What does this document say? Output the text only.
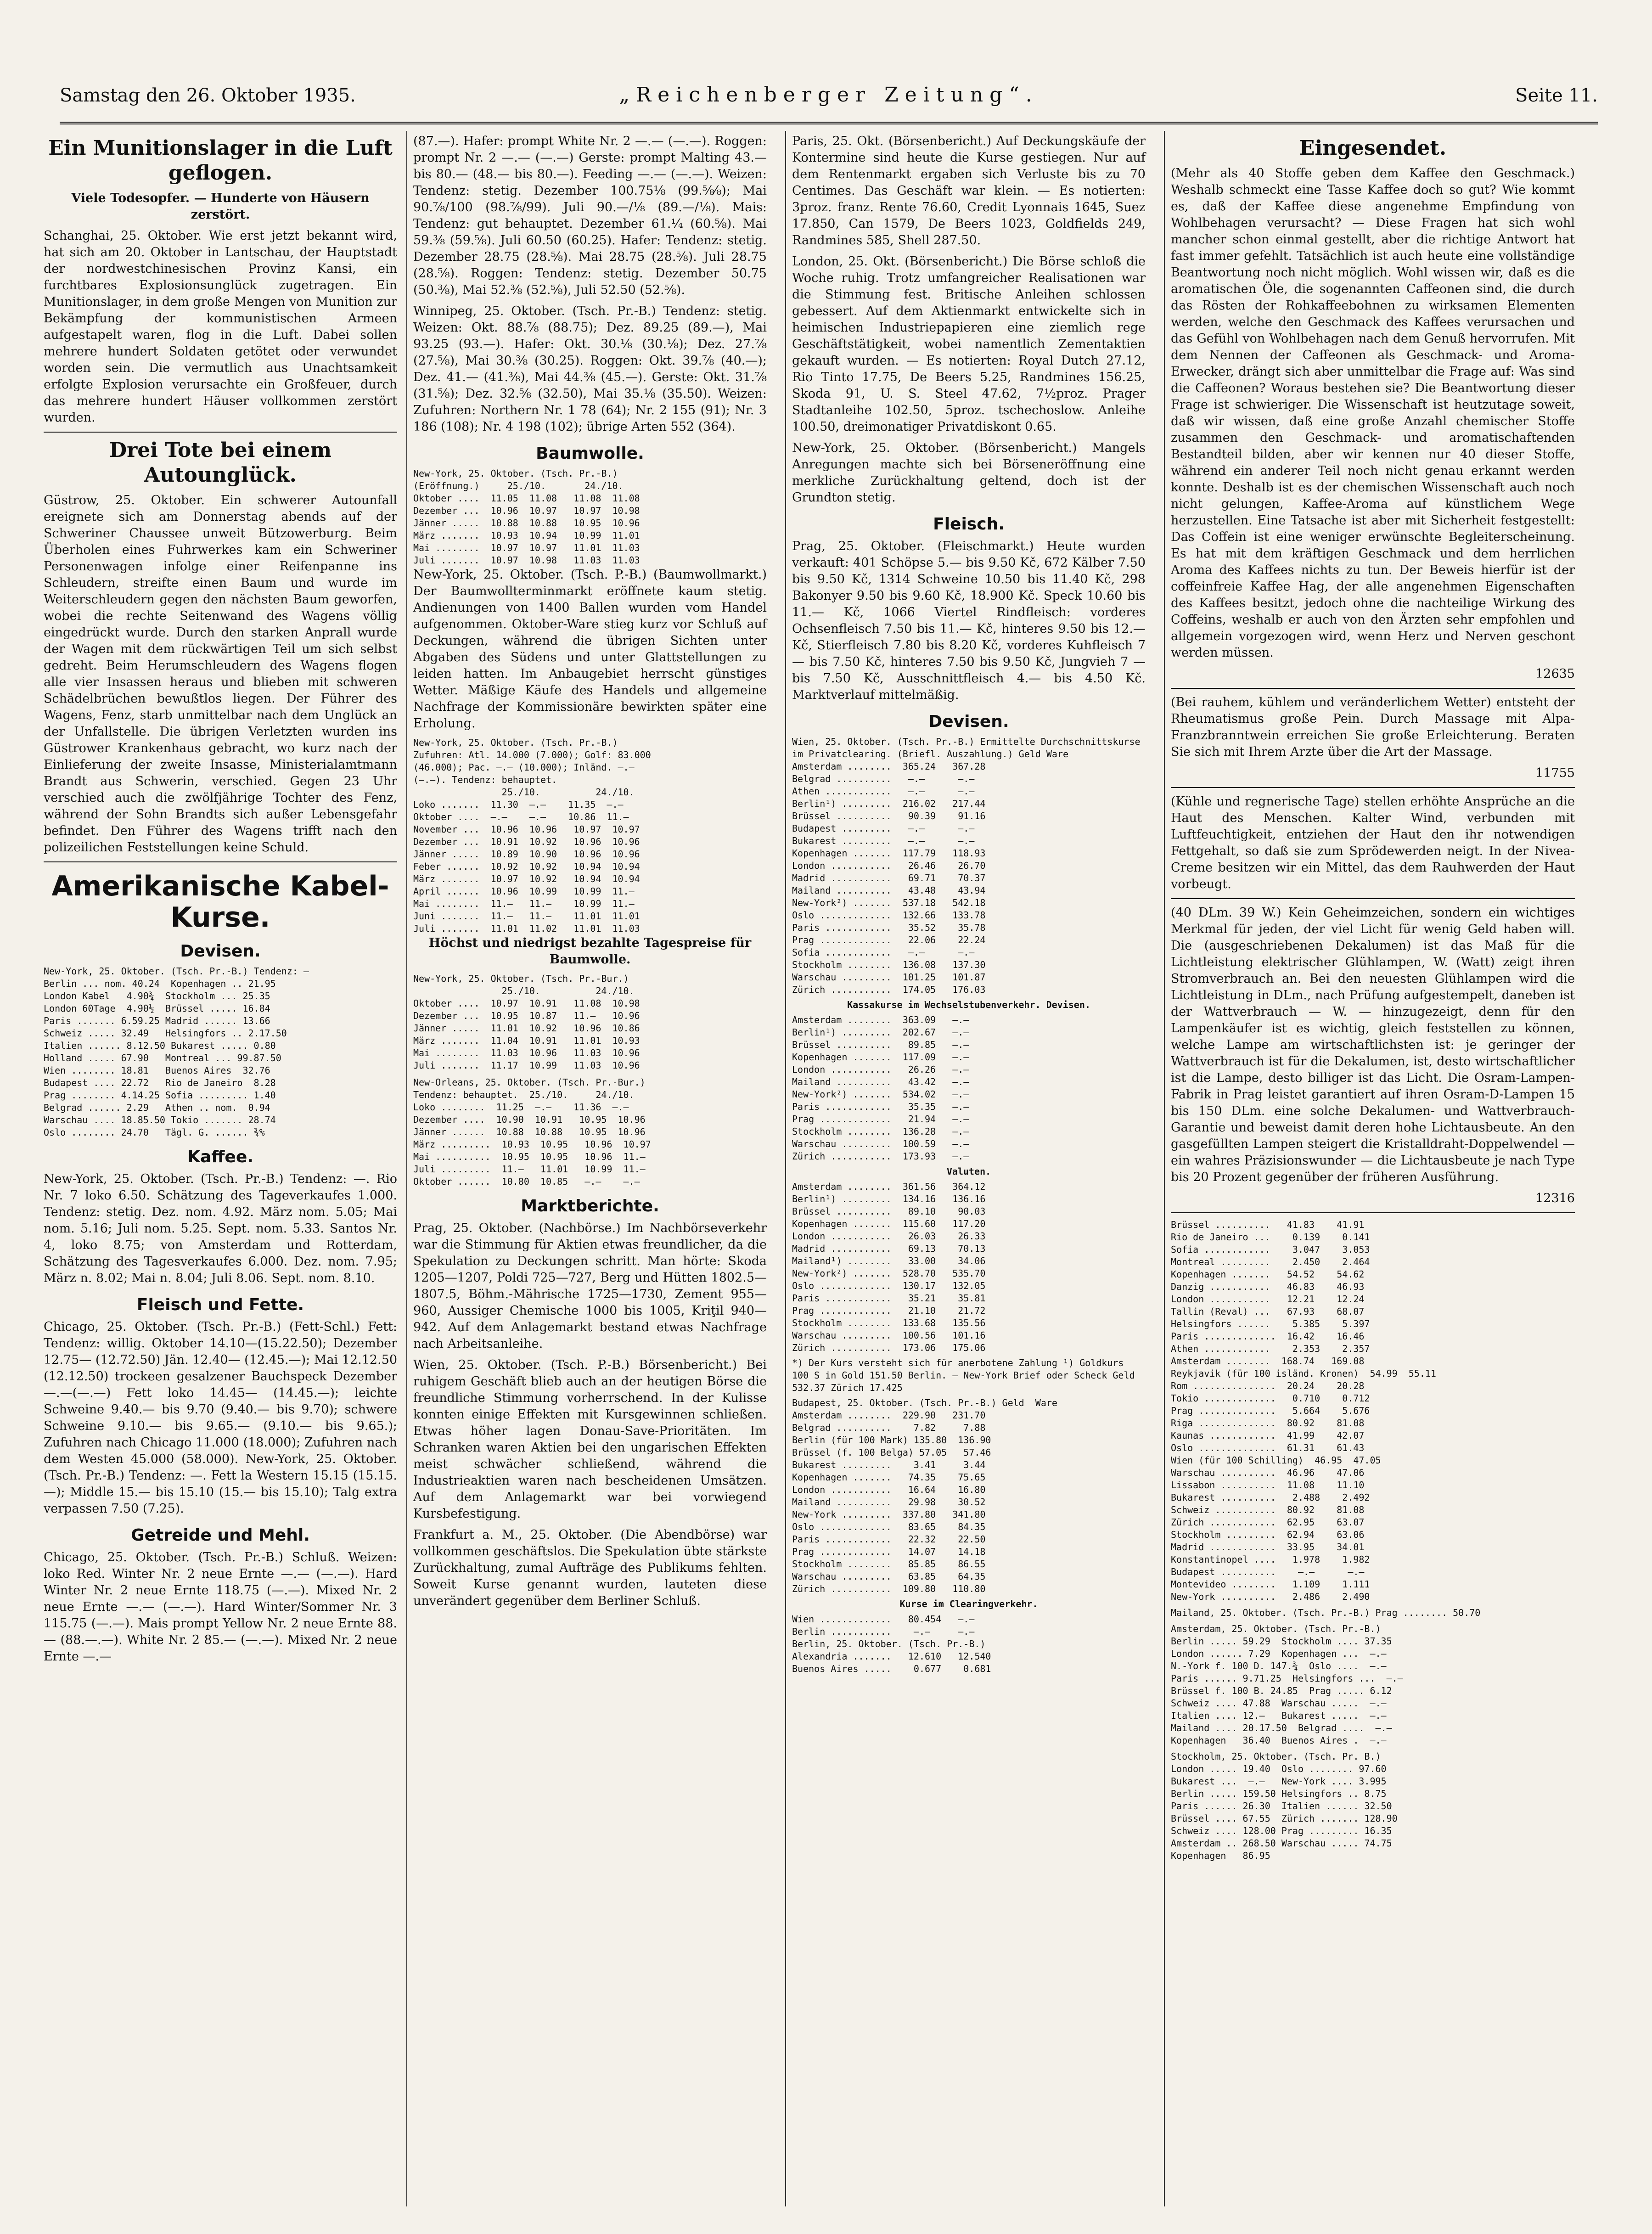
Samstag den 26. Oktober 1935.	„Reichenberger Zeitung“.	Seite 11.
Ein Munitionslager in die Luft geflogen.
Viele Todesopfer. — Hunderte von Häusern zerstört.

Schanghai, 25. Oktober. Wie erst jetzt bekannt wird, hat sich am 20. Oktober in Lantschau, der Hauptstadt der nordwestchinesischen Provinz Kansi, ein furchtbares Explosionsunglück zugetragen. Ein Munitionslager, in dem große Mengen von Munition zur Bekämpfung der kommunistischen Armeen aufgestapelt waren, flog in die Luft. Dabei sollen mehrere hundert Soldaten getötet oder verwundet worden sein. Die vermutlich aus Unachtsamkeit erfolgte Explosion verursachte ein Großfeuer, durch das mehrere hundert Häuser vollkommen zerstört wurden.

Drei Tote bei einem Autounglück.

Güstrow, 25. Oktober. Ein schwerer Autounfall ereignete sich am Donnerstag abends auf der Schweriner Chaussee unweit Bützowerburg. Beim Überholen eines Fuhrwerkes kam ein Schweriner Personenwagen infolge einer Reifenpanne ins Schleudern, streifte einen Baum und wurde im Weiterschleudern gegen den nächsten Baum geworfen, wobei die rechte Seitenwand des Wagens völlig eingedrückt wurde. Durch den starken Anprall wurde der Wagen mit dem rückwärtigen Teil um sich selbst gedreht. Beim Herumschleudern des Wagens flogen alle vier Insassen heraus und blieben mit schweren Schädelbrüchen bewußtlos liegen. Der Führer des Wagens, Fenz, starb unmittelbar nach dem Unglück an der Unfallstelle. Die übrigen Verletzten wurden ins Güstrower Krankenhaus gebracht, wo kurz nach der Einlieferung der zweite Insasse, Ministerialamtmann Brandt aus Schwerin, verschied. Gegen 23 Uhr verschied auch die zwölfjährige Tochter des Fenz, während der Sohn Brandts sich außer Lebensgefahr befindet. Den Führer des Wagens trifft nach den polizeilichen Feststellungen keine Schuld.

Amerikanische Kabel-Kurse.
Devisen.
New-York, 25. Oktober. (Tsch. Pr.-B.) Tendenz: —
Berlin ... nom. 40.24  Kopenhagen .. 21.95
London Kabel   4.90¾  Stockholm ... 25.35
London 60Tage  4.90½  Brüssel ..... 16.84
Paris ....... 6.59.25 Madrid ...... 13.66
Schweiz ..... 32.49   Helsingfors .. 2.17.50
Italien ...... 8.12.50 Bukarest ..... 0.80
Holland ..... 67.90   Montreal ... 99.87.50
Wien ........ 18.81   Buenos Aires  32.76
Budapest .... 22.72   Rio de Janeiro  8.28
Prag ........ 4.14.25 Sofia ......... 1.40
Belgrad ...... 2.29   Athen .. nom.  0.94
Warschau .... 18.85.50 Tokio ....... 28.74
Oslo ........ 24.70   Tägl. G. ...... ¾%
Kaffee.

New-York, 25. Oktober. (Tsch. Pr.-B.) Tendenz: —. Rio Nr. 7 loko 6.50. Schätzung des Tageverkaufes 1.000. Tendenz: stetig. Dez. nom. 4.92. März nom. 5.05; Mai nom. 5.16; Juli nom. 5.25. Sept. nom. 5.33. Santos Nr. 4, loko 8.75; von Amsterdam und Rotterdam, Schätzung des Tagesverkaufes 6.000. Dez. nom. 7.95; März n. 8.02; Mai n. 8.04; Juli 8.06. Sept. nom. 8.10.

Fleisch und Fette.

Chicago, 25. Oktober. (Tsch. Pr.-B.) (Fett-Schl.) Fett: Tendenz: willig. Oktober 14.10—(15.22.50); Dezember 12.75— (12.72.50) Jän. 12.40— (12.45.—); Mai 12.12.50 (12.12.50) trockeen gesalzener Bauchspeck Dezember —.—(—.—) Fett loko 14.45— (14.45.—); leichte Schweine 9.40.— bis 9.70 (9.40.— bis 9.70); schwere Schweine 9.10.— bis 9.65.— (9.10.— bis 9.65.); Zufuhren nach Chicago 11.000 (18.000); Zufuhren nach dem Westen 45.000 (58.000). New-York, 25. Oktober. (Tsch. Pr.-B.) Tendenz: —. Fett la Western 15.15 (15.15.—); Middle 15.— bis 15.10 (15.— bis 15.10); Talg extra verpassen 7.50 (7.25).

Getreide und Mehl.

Chicago, 25. Oktober. (Tsch. Pr.-B.) Schluß. Weizen: loko Red. Winter Nr. 2 neue Ernte —.— (—.—). Hard Winter Nr. 2 neue Ernte 118.75 (—.—). Mixed Nr. 2 neue Ernte —.— (—.—). Hard Winter/Sommer Nr. 3 115.75 (—.—). Mais prompt Yellow Nr. 2 neue Ernte 88.— (88.—.—). White Nr. 2 85.— (—.—). Mixed Nr. 2 neue Ernte —.—

(87.—). Hafer: prompt White Nr. 2 —.— (—.—). Roggen: prompt Nr. 2 —.— (—.—) Gerste: prompt Malting 43.— bis 80.— (48.— bis 80.—). Feeding —.— (—.—). Weizen: Tendenz: stetig. Dezember 100.75⅛ (99.⅝⁄₈); Mai 90.⅞/100 (98.⅞/99). Juli 90.—/⅛ (89.—/⅛). Mais: Tendenz: gut behauptet. Dezember 61.¼ (60.⅝). Mai 59.⅜ (59.⅝). Juli 60.50 (60.25). Hafer: Tendenz: stetig. Dezember 28.75 (28.⅝). Mai 28.75 (28.⅝). Juli 28.75 (28.⅝). Roggen: Tendenz: stetig. Dezember 50.75 (50.⅜), Mai 52.⅜ (52.⅝), Juli 52.50 (52.⅝).

Winnipeg, 25. Oktober. (Tsch. Pr.-B.) Tendenz: stetig. Weizen: Okt. 88.⅞ (88.75); Dez. 89.25 (89.—), Mai 93.25 (93.—). Hafer: Okt. 30.⅛ (30.⅛); Dez. 27.⅞ (27.⅝), Mai 30.⅜ (30.25). Roggen: Okt. 39.⅞ (40.—); Dez. 41.— (41.⅜), Mai 44.⅜ (45.—). Gerste: Okt. 31.⅞ (31.⅝); Dez. 32.⅝ (32.50), Mai 35.⅛ (35.50). Weizen: Zufuhren: Northern Nr. 1 78 (64); Nr. 2 155 (91); Nr. 3 186 (108); Nr. 4 198 (102); übrige Arten 552 (364).

Baumwolle.
New-York, 25. Oktober. (Tsch. Pr.-B.)
(Eröffnung.)     25./10.       24./10.
Oktober ....  11.05  11.08   11.08  11.08
Dezember ...  10.96  10.97   10.97  10.98
Jänner .....  10.88  10.88   10.95  10.96
März .......  10.93  10.94   10.99  11.01
Mai ........  10.97  10.97   11.01  11.03
Juli .......  10.97  10.98   11.03  11.03

New-York, 25. Oktober. (Tsch. P.-B.) (Baumwollmarkt.) Der Baumwollterminmarkt eröffnete kaum stetig. Andienungen von 1400 Ballen wurden vom Handel aufgenommen. Oktober-Ware stieg kurz vor Schluß auf Deckungen, während die übrigen Sichten unter Abgaben des Südens und unter Glattstellungen zu leiden hatten. Im Anbaugebiet herrscht günstiges Wetter. Mäßige Käufe des Handels und allgemeine Nachfrage der Kommissionäre bewirkten später eine Erholung.

New-York, 25. Oktober. (Tsch. Pr.-B.)
Zufuhren: Atl. 14.000 (7.000); Golf: 83.000
(46.000); Pac. —.— (10.000); Inländ. —.—
(—.—). Tendenz: behauptet.
25./10.          24./10.
Loko .......  11.30  —.—    11.35  —.—
Oktober ....  —.—    —.—    10.86  11.—
November ...  10.96  10.96   10.97  10.97
Dezember ...  10.91  10.92   10.96  10.96
Jänner .....  10.89  10.90   10.96  10.96
Feber ......  10.92  10.92   10.94  10.94
März .......  10.97  10.92   10.94  10.94
April ......  10.96  10.99   10.99  11.—
Mai ........  11.—   11.—    10.99  11.—
Juni .......  11.—   11.—    11.01  11.01
Juli .......  11.01  11.02   11.01  11.03
Höchst und niedrigst bezahlte Tagespreise für Baumwolle.
New-York, 25. Oktober. (Tsch. Pr.-Bur.)
25./10.          24./10.
Oktober ....  10.97  10.91   11.08  10.98
Dezember ...  10.95  10.87   11.—   10.96
Jänner .....  11.01  10.92   10.96  10.86
März .......  11.04  10.91   11.01  10.93
Mai ........  11.03  10.96   11.03  10.96
Juli .......  11.17  10.99   11.03  10.96
New-Orleans, 25. Oktober. (Tsch. Pr.-Bur.)
Tendenz: behauptet.  25./10.     24./10.
Loko ........  11.25  —.—    11.36  —.—
Dezember ....  10.90  10.91   10.95  10.96
Jänner ......  10.88  10.88   10.95  10.96
März .........  10.93  10.95   10.96  10.97
Mai ..........  10.95  10.95   10.96  11.—
Juli .........  11.—   11.01   10.99  11.—
Oktober ......  10.80  10.85   —.—    —.—
Marktberichte.

Prag, 25. Oktober. (Nachbörse.) Im Nachbörseverkehr war die Stimmung für Aktien etwas freundlicher, da die Spekulation zu Deckungen schritt. Man hörte: Skoda 1205—1207, Poldi 725—727, Berg und Hütten 1802.5—1807.5, Böhm.-Mährische 1725—1730, Zement 955—960, Aussiger Chemische 1000 bis 1005, Kriţil 940—942. Auf dem Anlagemarkt bestand etwas Nachfrage nach Arbeitsanleihe.

Wien, 25. Oktober. (Tsch. P.-B.) Börsenbericht.) Bei ruhigem Geschäft blieb auch an der heutigen Börse die freundliche Stimmung vorherrschend. In der Kulisse konnten einige Effekten mit Kursgewinnen schließen. Etwas höher lagen Donau-Save-Prioritäten. Im Schranken waren Aktien bei den ungarischen Effekten meist schwächer schließend, während die Industrieaktien waren nach bescheidenen Umsätzen. Auf dem Anlagemarkt war bei vorwiegend Kursbefestigung.

Frankfurt a. M., 25. Oktober. (Die Abendbörse) war vollkommen geschäftslos. Die Spekulation übte stärkste Zurückhaltung, zumal Aufträge des Publikums fehlten. Soweit Kurse genannt wurden, lauteten diese unverändert gegenüber dem Berliner Schluß.

Paris, 25. Okt. (Börsenbericht.) Auf Deckungskäufe der Kontermine sind heute die Kurse gestiegen. Nur auf dem Rentenmarkt ergaben sich Verluste bis zu 70 Centimes. Das Geschäft war klein. — Es notierten: 3proz. franz. Rente 76.60, Credit Lyonnais 1645, Suez 17.850, Can 1579, De Beers 1023, Goldfields 249, Randmines 585, Shell 287.50.

London, 25. Okt. (Börsenbericht.) Die Börse schloß die Woche ruhig. Trotz umfangreicher Realisationen war die Stimmung fest. Britische Anleihen schlossen gebessert. Auf dem Aktienmarkt entwickelte sich in heimischen Industriepapieren eine ziemlich rege Geschäftstätigkeit, wobei namentlich Zementaktien gekauft wurden. — Es notierten: Royal Dutch 27.12, Rio Tinto 17.75, De Beers 5.25, Randmines 156.25, Skoda 91, U. S. Steel 47.62, 7½proz. Prager Stadtanleihe 102.50, 5proz. tschechoslow. Anleihe 100.50, dreimonatiger Privatdiskont 0.65.

New-York, 25. Oktober. (Börsenbericht.) Mangels Anregungen machte sich bei Börseneröffnung eine merkliche Zurückhaltung geltend, doch ist der Grundton stetig.

Fleisch.

Prag, 25. Oktober. (Fleischmarkt.) Heute wurden verkauft: 401 Schöpse 5.— bis 9.50 Kč, 672 Kälber 7.50 bis 9.50 Kč, 1314 Schweine 10.50 bis 11.40 Kč, 298 Bakonyer 9.50 bis 9.60 Kč, 18.900 Kč. Speck 10.60 bis 11.— Kč, 1066 Viertel Rindfleisch: vorderes Ochsenfleisch 7.50 bis 11.— Kč, hinteres 9.50 bis 12.— Kč, Stierfleisch 7.80 bis 8.20 Kč, vorderes Kuhfleisch 7 — bis 7.50 Kč, hinteres 7.50 bis 9.50 Kč, Jungvieh 7 — bis 7.50 Kč, Ausschnittfleisch 4.— bis 4.50 Kč. Marktverlauf mittelmäßig.

Devisen.
Wien, 25. Oktober. (Tsch. Pr.-B.) Ermittelte Durchschnittskurse im Privatclearing. (Briefl. Auszahlung.) Geld Ware
Amsterdam ........  365.24   367.28
Belgrad ..........   —.—      —.—
Athen ............   —.—      —.—
Berlin¹) .........  216.02   217.44
Brüssel ..........   90.39    91.16
Budapest .........   —.—      —.—
Bukarest .........   —.—      —.—
Kopenhagen .......  117.79   118.93
London ...........   26.46    26.70
Madrid ...........   69.71    70.37
Mailand ..........   43.48    43.94
New-York²) .......  537.18   542.18
Oslo .............  132.66   133.78
Paris ............   35.52    35.78
Prag .............   22.06    22.24
Sofia ............   —.—      —.—
Stockholm ........  136.08   137.30
Warschau .........  101.25   101.87
Zürich ...........  174.05   176.03
Kassakurse im Wechselstubenverkehr. Devisen.
Amsterdam ........  363.09   —.—
Berlin¹) .........  202.67   —.—
Brüssel ..........   89.85   —.—
Kopenhagen .......  117.09   —.—
London ...........   26.26   —.—
Mailand ..........   43.42   —.—
New-York²) .......  534.02   —.—
Paris ............   35.35   —.—
Prag .............   21.94   —.—
Stockholm ........  136.28   —.—
Warschau .........  100.59   —.—
Zürich ...........  173.93   —.—
Valuten.
Amsterdam ........  361.56   364.12
Berlin¹) .........  134.16   136.16
Brüssel ..........   89.10    90.03
Kopenhagen .......  115.60   117.20
London ...........   26.03    26.33
Madrid ...........   69.13    70.13
Mailand¹) ........   33.00    34.06
New-York²) .......  528.70   535.70
Oslo .............  130.17   132.05
Paris ............   35.21    35.81
Prag .............   21.10    21.72
Stockholm ........  133.68   135.56
Warschau .........  100.56   101.16
Zürich ...........  173.06   175.06
*) Der Kurs versteht sich für anerbotene Zahlung ¹) Goldkurs 100 S in Gold 151.50 Berlin. — New-York Brief oder Scheck Geld 532.37 Zürich 17.425
Budapest, 25. Oktober. (Tsch. Pr.-B.) Geld  Ware
Amsterdam ........  229.90   231.70
Belgrad ..........    7.82     7.88
Berlin (für 100 Mark) 135.80  136.90
Brüssel (f. 100 Belga) 57.05   57.46
Bukarest .........    3.41     3.44
Kopenhagen .......   74.35    75.65
London ...........   16.64    16.80
Mailand ..........   29.98    30.52
New-York .........  337.80   341.80
Oslo .............   83.65    84.35
Paris ............   22.32    22.50
Prag .............   14.07    14.18
Stockholm ........   85.85    86.55
Warschau .........   63.85    64.35
Zürich ...........  109.80   110.80
Kurse im Clearingverkehr.
Wien .............   80.454   —.—
Berlin ...........    —.—     —.—
Berlin, 25. Oktober. (Tsch. Pr.-B.)
Alexandria .......   12.610   12.540
Buenos Aires .....    0.677    0.681
Eingesendet.

(Mehr als 40 Stoffe geben dem Kaffee den Geschmack.) Weshalb schmeckt eine Tasse Kaffee doch so gut? Wie kommt es, daß der Kaffee diese angenehme Empfindung von Wohlbehagen verursacht? — Diese Fragen hat sich wohl mancher schon einmal gestellt, aber die richtige Antwort hat fast immer gefehlt. Tatsächlich ist auch heute eine vollständige Beantwortung noch nicht möglich. Wohl wissen wir, daß es die aromatischen Öle, die sogenannten Caffeonen sind, die durch das Rösten der Rohkaffeebohnen zu wirksamen Elementen werden, welche den Geschmack des Kaffees verursachen und das Gefühl von Wohlbehagen nach dem Genuß hervorrufen. Mit dem Nennen der Caffeonen als Geschmack- und Aroma-Erwecker, drängt sich aber unmittelbar die Frage auf: Was sind die Caffeonen? Woraus bestehen sie? Die Beantwortung dieser Frage ist schwieriger. Die Wissenschaft ist heutzutage soweit, daß wir wissen, daß eine große Anzahl chemischer Stoffe zusammen den Geschmack- und aromatischaftenden Bestandteil bilden, aber wir kennen nur 40 dieser Stoffe, während ein anderer Teil noch nicht genau erkannt werden konnte. Deshalb ist es der chemischen Wissenschaft auch noch nicht gelungen, Kaffee-Aroma auf künstlichem Wege herzustellen. Eine Tatsache ist aber mit Sicherheit festgestellt: Das Coffein ist eine weniger erwünschte Begleiterscheinung. Es hat mit dem kräftigen Geschmack und dem herrlichen Aroma des Kaffees nichts zu tun. Der Beweis hierfür ist der coffeinfreie Kaffee Hag, der alle angenehmen Eigenschaften des Kaffees besitzt, jedoch ohne die nachteilige Wirkung des Coffeins, weshalb er auch von den Ärzten sehr empfohlen und allgemein vorgezogen wird, wenn Herz und Nerven geschont werden müssen.

12635

(Bei rauhem, kühlem und veränderlichem Wetter) entsteht der Rheumatismus große Pein. Durch Massage mit Alpa-Franzbranntwein erreichen Sie große Erleichterung. Beraten Sie sich mit Ihrem Arzte über die Art der Massage.

11755

(Kühle und regnerische Tage) stellen erhöhte Ansprüche an die Haut des Menschen. Kalter Wind, verbunden mit Luftfeuchtigkeit, entziehen der Haut den ihr notwendigen Fettgehalt, so daß sie zum Sprödewerden neigt. In der Nivea-Creme besitzen wir ein Mittel, das dem Rauhwerden der Haut vorbeugt.

(40 DLm. 39 W.) Kein Geheimzeichen, sondern ein wichtiges Merkmal für jeden, der viel Licht für wenig Geld haben will. Die (ausgeschriebenen Dekalumen) ist das Maß für die Lichtleistung elektrischer Glühlampen, W. (Watt) zeigt ihren Stromverbrauch an. Bei den neuesten Glühlampen wird die Lichtleistung in DLm., nach Prüfung aufgestempelt, daneben ist der Wattverbrauch — W. — hinzugezeigt, denn für den Lampenkäufer ist es wichtig, gleich feststellen zu können, welche Lampe am wirtschaftlichsten ist: je geringer der Wattverbrauch ist für die Dekalumen, ist, desto wirtschaftlicher ist die Lampe, desto billiger ist das Licht. Die Osram-Lampen-Fabrik in Prag leistet garantiert auf ihren Osram-D-Lampen 15 bis 150 DLm. eine solche Dekalumen- und Wattverbrauch-Garantie und beweist damit deren hohe Lichtausbeute. An den gasgefüllten Lampen steigert die Kristalldraht-Doppelwendel — ein wahres Präzisionswunder — die Lichtausbeute je nach Type bis 20 Prozent gegenüber der früheren Ausführung.

12316
Brüssel ..........   41.83    41.91
Rio de Janeiro ...    0.139    0.141
Sofia ............    3.047    3.053
Montreal .........    2.450    2.464
Kopenhagen .......   54.52    54.62
Danzig ...........   46.83    46.93
London ...........   12.21    12.24
Tallin (Reval) ...   67.93    68.07
Helsingfors ......    5.385    5.397
Paris .............  16.42    16.46
Athen ............    2.353    2.357
Amsterdam ........  168.74   169.08
Reykjavik (für 100 isländ. Kronen)  54.99  55.11
Rom ...............  20.24    20.28
Tokio .............   0.710    0.712
Prag ..............   5.664    5.676
Riga ..............  80.92    81.08
Kaunas ............  41.99    42.07
Oslo ..............  61.31    61.43
Wien (für 100 Schilling)  46.95  47.05
Warschau ..........  46.96    47.06
Lissabon ..........  11.08    11.10
Bukarest ..........   2.488    2.492
Schweiz ...........  80.92    81.08
Zürich ............  62.95    63.07
Stockholm .........  62.94    63.06
Madrid ............  33.95    34.01
Konstantinopel ....   1.978    1.982
Budapest ..........    —.—      —.—
Montevideo ........   1.109    1.111
New-York ..........   2.486    2.490
Mailand, 25. Oktober. (Tsch. Pr.-B.) Prag ........ 50.70
Amsterdam, 25. Oktober. (Tsch. Pr.-B.)
Berlin ..... 59.29  Stockholm .... 37.35
London ...... 7.29  Kopenhagen ...  —.—
N.-York f. 100 D. 147.¾  Oslo ....  —.—
Paris ...... 9.71.25  Helsingfors ...  —.—
Brüssel f. 100 B. 24.85  Prag ..... 6.12
Schweiz .... 47.88  Warschau .....  —.—
Italien .... 12.—   Bukarest .....  —.—
Mailand .... 20.17.50  Belgrad ....  —.—
Kopenhagen   36.40  Buenos Aires .  —.—
Stockholm, 25. Oktober. (Tsch. Pr. B.)
London ..... 19.40  Oslo ........ 97.60
Bukarest ...  —.—   New-York .... 3.995
Berlin ..... 159.50 Helsingfors .. 8.75
Paris ...... 26.30  Italien ...... 32.50
Brüssel .... 67.55  Zürich ....... 128.90
Schweiz .... 128.00 Prag ......... 16.35
Amsterdam .. 268.50 Warschau ..... 74.75
Kopenhagen   86.95
